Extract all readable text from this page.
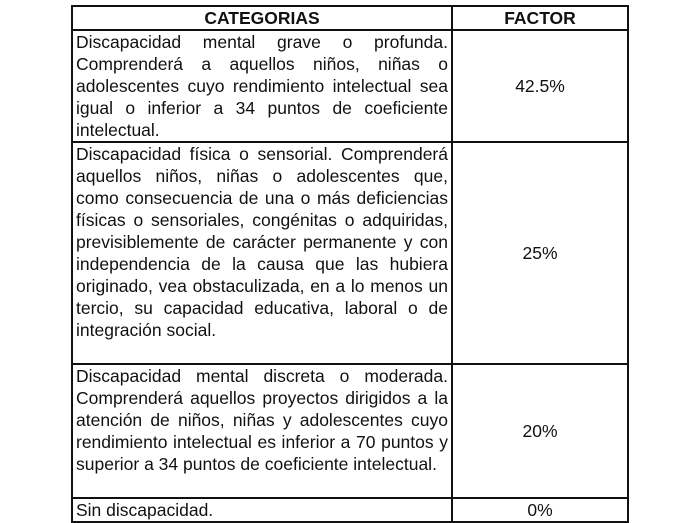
CATEGORIAS	FACTOR
Discapacidad mental grave o profunda. Comprenderá a aquellos niños, niñas o adolescentes cuyo rendimiento intelectual sea igual o inferior a 34 puntos de coeficiente intelectual.	42.5%
Discapacidad física o sensorial. Comprenderá aquellos niños, niñas o adolescentes que, como consecuencia de una o más deficiencias físicas o sensoriales, congénitas o adquiridas, previsiblemente de carácter permanente y con independencia de la causa que las hubiera originado, vea obstaculizada, en a lo menos un tercio, su capacidad educativa, laboral o de integración social.	25%
Discapacidad mental discreta o moderada. Comprenderá aquellos proyectos dirigidos a la atención de niños, niñas y adolescentes cuyo rendimiento intelectual es inferior a 70 puntos y superior a 34 puntos de coeficiente intelectual.	20%
Sin discapacidad.	0%
